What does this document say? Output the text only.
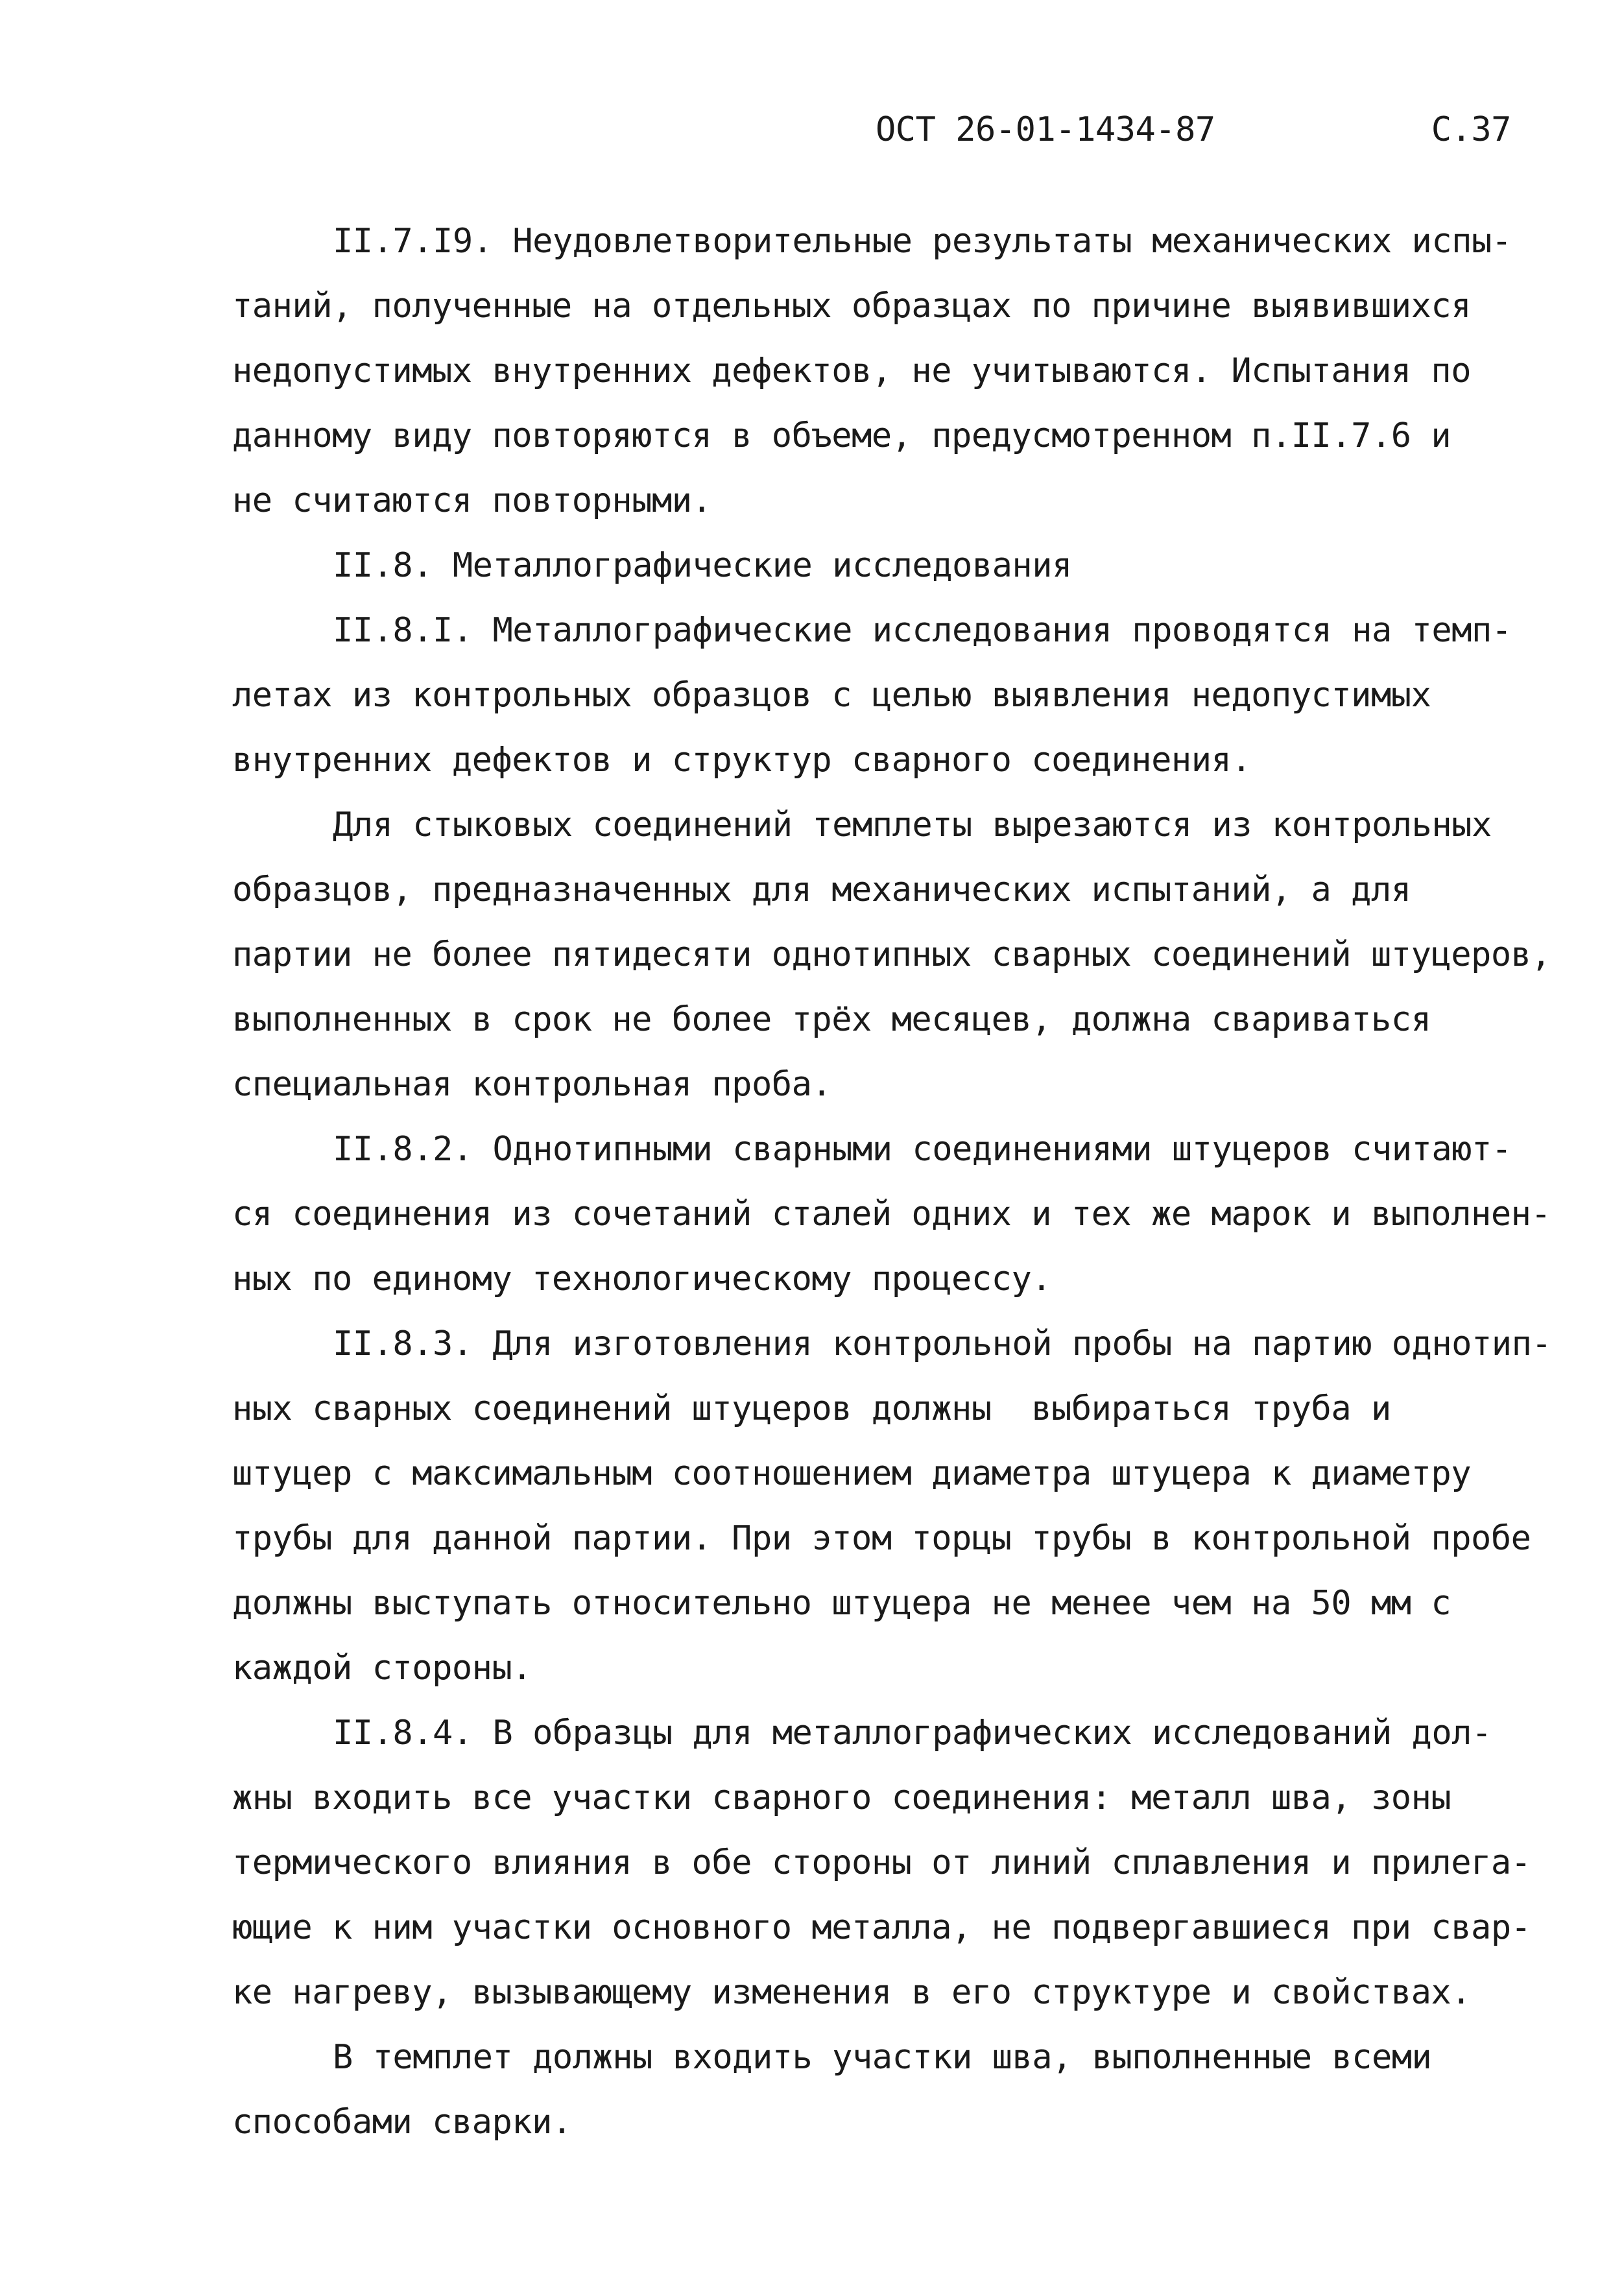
ОСТ 26-01-1434-87	С.37
II.7.I9. Неудовлетворительные результаты механических испы-
таний, полученные на отдельных образцах по причине выявившихся
недопустимых внутренних дефектов, не учитываются. Испытания по
данному виду повторяются в объеме, предусмотренном п.II.7.6 и
не считаются повторными.
II.8. Металлографические исследования
II.8.I. Металлографические исследования проводятся на темп-
летах из контрольных образцов с целью выявления недопустимых
внутренних дефектов и структур сварного соединения.
Для стыковых соединений темплеты вырезаются из контрольных
образцов, предназначенных для механических испытаний, а для
партии не более пятидесяти однотипных сварных соединений штуцеров,
выполненных в срок не более трёх месяцев, должна свариваться
специальная контрольная проба.
II.8.2. Однотипными сварными соединениями штуцеров считают-
ся соединения из сочетаний сталей одних и тех же марок и выполнен-
ных по единому технологическому процессу.
II.8.3. Для изготовления контрольной пробы на партию однотип-
ных сварных соединений штуцеров должны  выбираться труба и
штуцер с максимальным соотношением диаметра штуцера к диаметру
трубы для данной партии. При этом торцы трубы в контрольной пробе
должны выступать относительно штуцера не менее чем на 50 мм с
каждой стороны.
II.8.4. В образцы для металлографических исследований дол-
жны входить все участки сварного соединения: металл шва, зоны
термического влияния в обе стороны от линий сплавления и прилега-
ющие к ним участки основного металла, не подвергавшиеся при свар-
ке нагреву, вызывающему изменения в его структуре и свойствах.
В темплет должны входить участки шва, выполненные всеми
способами сварки.
